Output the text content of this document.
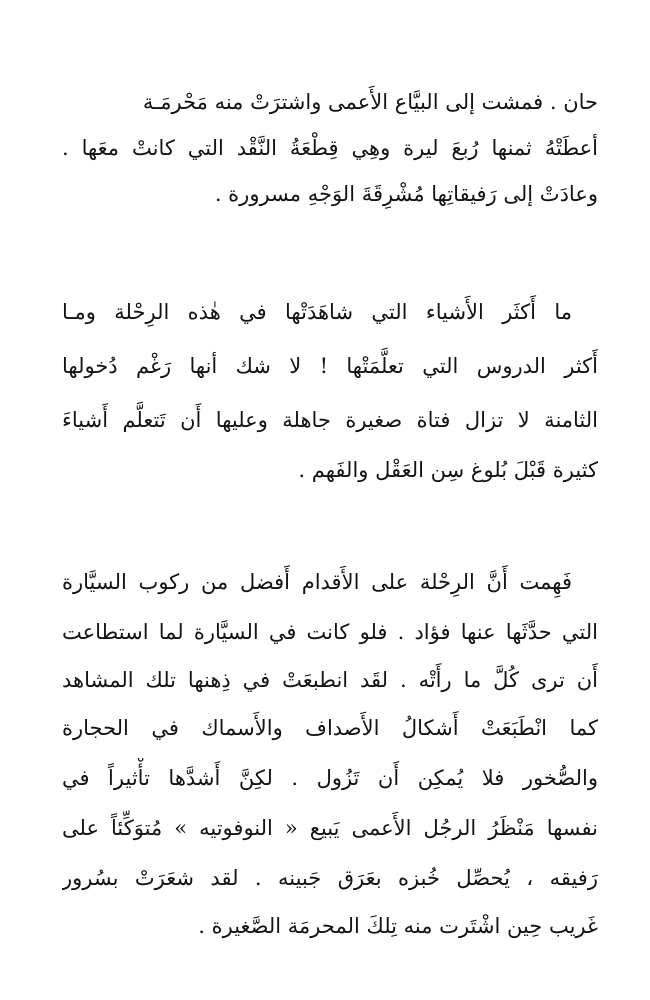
حان . فمشت إلى البيَّاع الأَعمى واشترَتْ منه مَحْرمَـة
أعطَتْهُ ثمنها رُبعَ ليرة وهِي قِطْعَةُ النَّقْد التي كانتْ معَها .
وعادَتْ إلى رَفيقاتِها مُشْرِقَةَ الوَجْهِ مسرورة .
ما أَكثَر الأَشياء التي شاهَدَتْها في هٰذه الرِحْلة ومـا
أَكثر الدروس التي تعلَّمَتْها ! لا شك أنها رَغْم دُخولها
الثامنة لا تزال فتاة صغيرة جاهلة وعليها أَن تَتعلَّم أَشياءَ
كثيرة قَبْلَ بُلوغ سِن العَقْل والفَهم .
فَهِمت أَنَّ الرِحْلة على الأَقدام أَفضل من ركوب السيَّارة
التي حدَّثَها عنها فؤاد . فلو كانت في السيَّارة لما استطاعت
أَن ترى كُلَّ ما رأَتْه . لقَد انطبعَتْ في ذِهنها تلك المشاهد
كما انْطَبَعَتْ أَشكالُ الأَصداف والأَسماك في الحجارة
والصُّخور فلا يُمكِن أَن تَزُول . لكِنَّ أَشدَّها تأْثيراً في
نفسها مَنْظَرُ الرجُل الأَعمى يَبيع « النوفوتيه » مُتوَكِّئاً على
رَفيقه ، يُحصِّل خُبزه بعَرَق جَبينه . لقد شعَرَتْ بسُرور
غَريب حِين اشْتَرت منه تِلكَ المحرمَة الصَّغيرة .
